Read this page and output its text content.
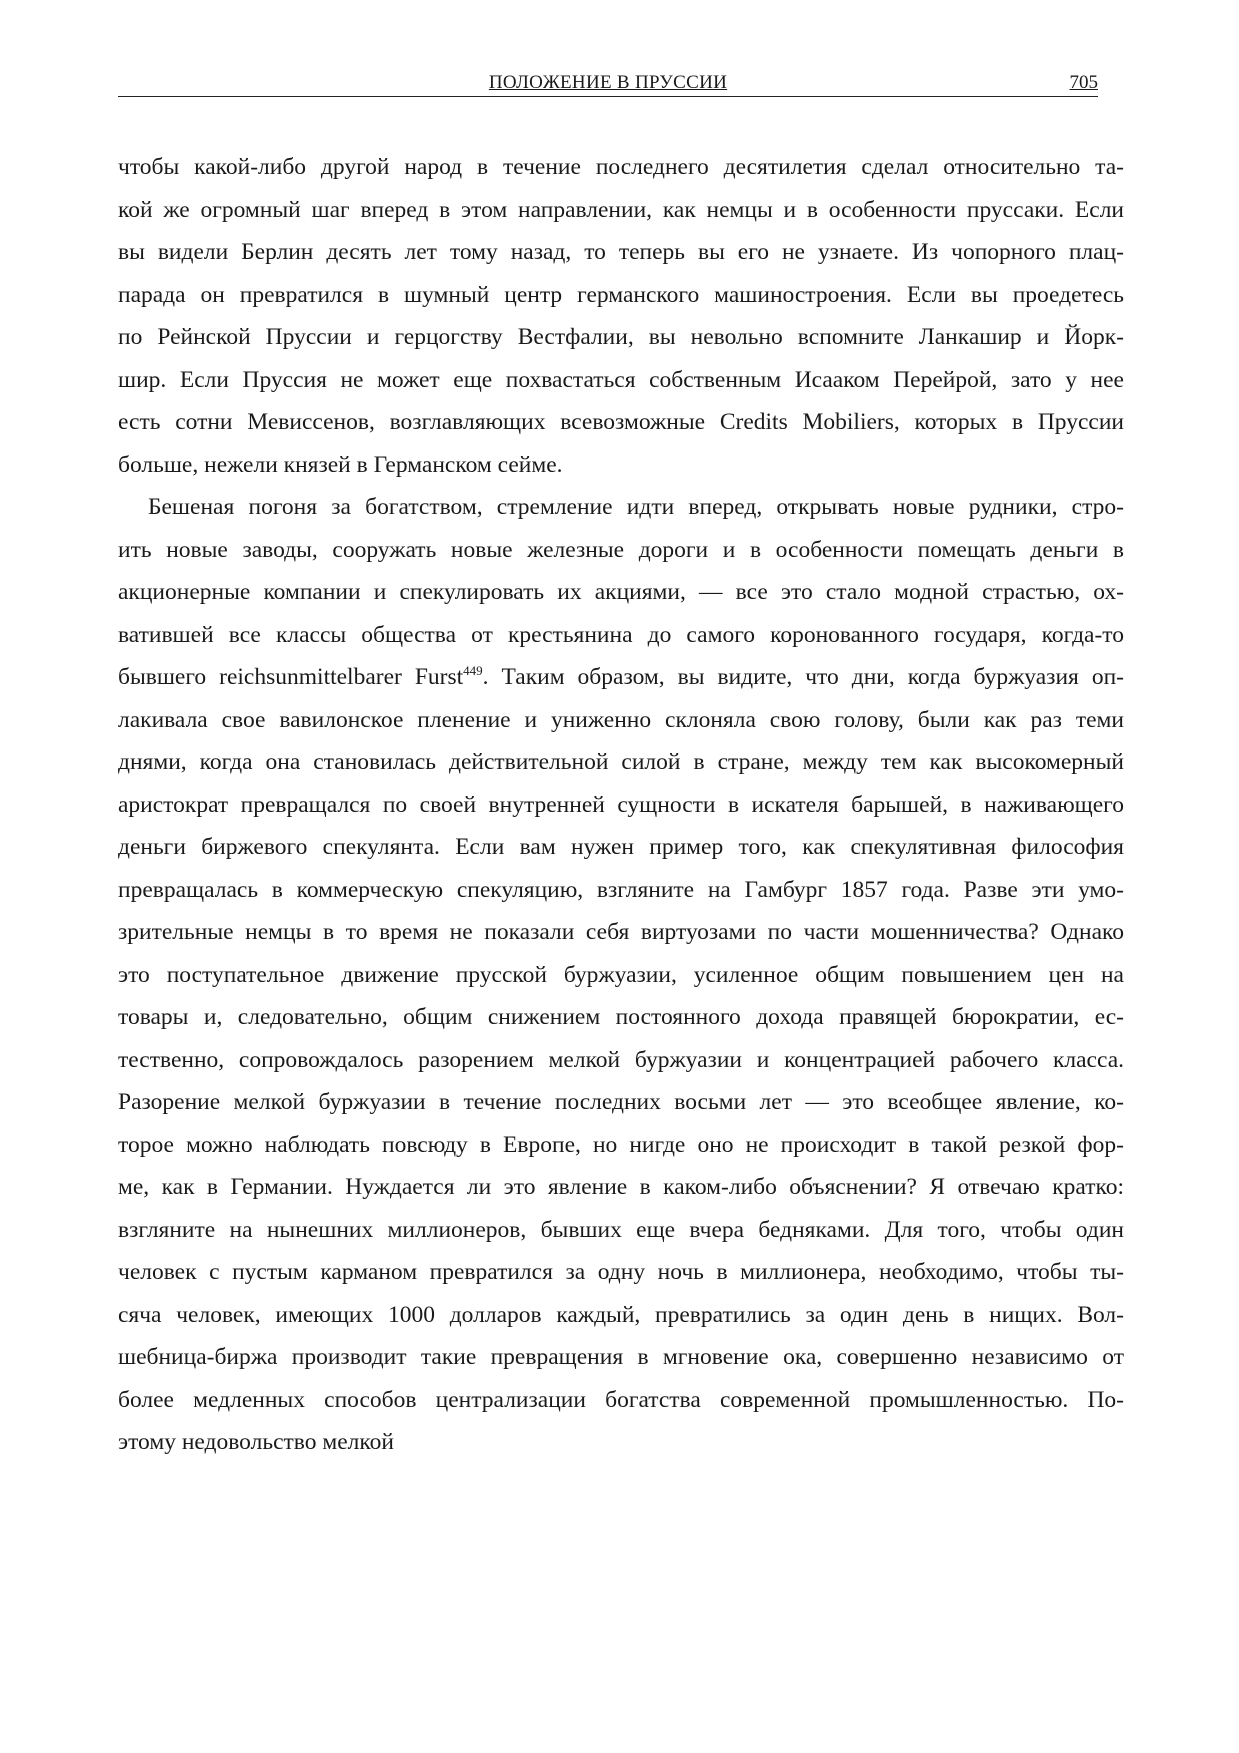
ПОЛОЖЕНИЕ В ПРУССИИ	705
чтобы какой-либо другой народ в течение последнего десятилетия сделал относительно та-
кой же огромный шаг вперед в этом направлении, как немцы и в особенности пруссаки. Если
вы видели Берлин десять лет тому назад, то теперь вы его не узнаете. Из чопорного плац-
парада он превратился в шумный центр германского машиностроения. Если вы проедетесь
по Рейнской Пруссии и герцогству Вестфалии, вы невольно вспомните Ланкашир и Йорк-
шир. Если Пруссия не может еще похвастаться собственным Исааком Перейрой, зато у нее
есть сотни Мевиссенов, возглавляющих всевозможные Credits Mobiliers, которых в Пруссии
больше, нежели князей в Германском сейме.
Бешеная погоня за богатством, стремление идти вперед, открывать новые рудники, стро-
ить новые заводы, сооружать новые железные дороги и в особенности помещать деньги в
акционерные компании и спекулировать их акциями, — все это стало модной страстью, ох-
ватившей все классы общества от крестьянина до самого коронованного государя, когда-то
бывшего reichsunmittelbarer Furst$^{449}$. Таким образом, вы видите, что дни, когда буржуазия оп-
лакивала свое вавилонское пленение и униженно склоняла свою голову, были как раз теми
днями, когда она становилась действительной силой в стране, между тем как высокомерный
аристократ превращался по своей внутренней сущности в искателя барышей, в наживающего
деньги биржевого спекулянта. Если вам нужен пример того, как спекулятивная философия
превращалась в коммерческую спекуляцию, взгляните на Гамбург 1857 года. Разве эти умо-
зрительные немцы в то время не показали себя виртуозами по части мошенничества? Однако
это поступательное движение прусской буржуазии, усиленное общим повышением цен на
товары и, следовательно, общим снижением постоянного дохода правящей бюрократии, ес-
тественно, сопровождалось разорением мелкой буржуазии и концентрацией рабочего класса.
Разорение мелкой буржуазии в течение последних восьми лет — это всеобщее явление, ко-
торое можно наблюдать повсюду в Европе, но нигде оно не происходит в такой резкой фор-
ме, как в Германии. Нуждается ли это явление в каком-либо объяснении? Я отвечаю кратко:
взгляните на нынешних миллионеров, бывших еще вчера бедняками. Для того, чтобы один
человек с пустым карманом превратился за одну ночь в миллионера, необходимо, чтобы ты-
сяча человек, имеющих 1000 долларов каждый, превратились за один день в нищих. Вол-
шебница-биржа производит такие превращения в мгновение ока, совершенно независимо от
более медленных способов централизации богатства современной промышленностью. По-
этому недовольство мелкой
